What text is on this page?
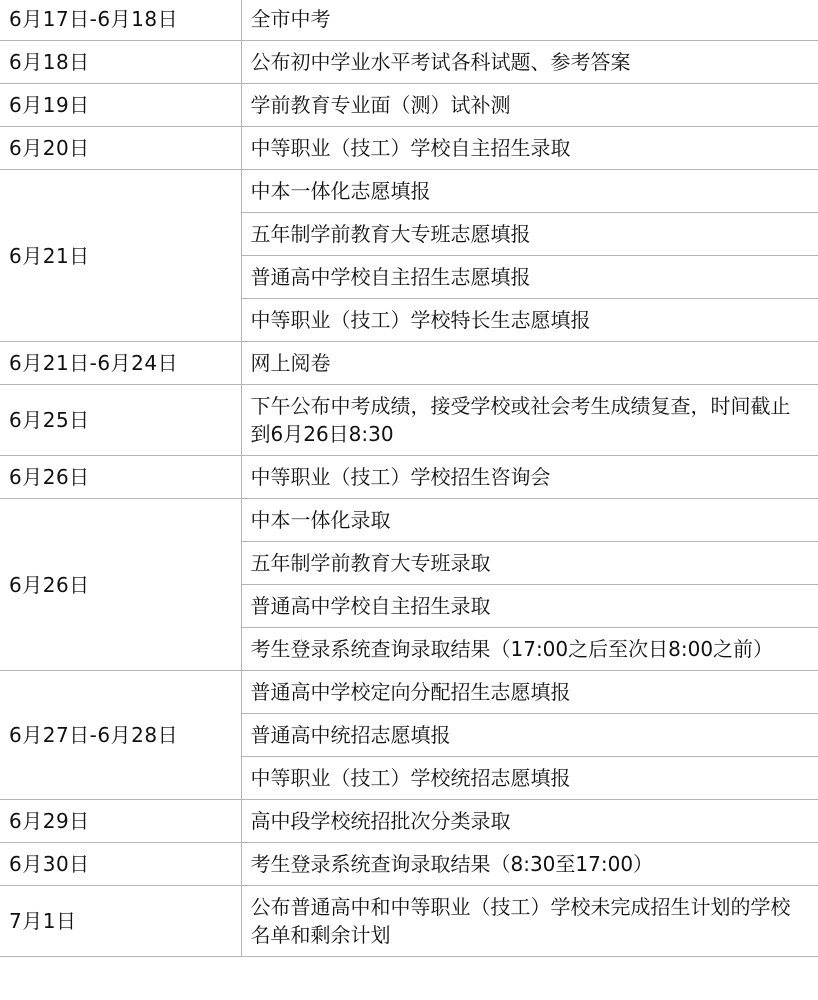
6月17日-6月18日	全市中考
6月18日	公布初中学业水平考试各科试题、参考答案
6月19日	学前教育专业面（测）试补测
6月20日	中等职业（技工）学校自主招生录取
6月21日	中本一体化志愿填报
	五年制学前教育大专班志愿填报
	普通高中学校自主招生志愿填报
	中等职业（技工）学校特长生志愿填报
6月21日-6月24日	网上阅卷
6月25日	下午公布中考成绩，接受学校或社会考生成绩复查，时间截止到6月26日8:30
6月26日	中等职业（技工）学校招生咨询会
6月26日	中本一体化录取
	五年制学前教育大专班录取
	普通高中学校自主招生录取
	考生登录系统查询录取结果（17:00之后至次日8:00之前）
6月27日-6月28日	普通高中学校定向分配招生志愿填报
	普通高中统招志愿填报
	中等职业（技工）学校统招志愿填报
6月29日	高中段学校统招批次分类录取
6月30日	考生登录系统查询录取结果（8:30至17:00）
7月1日	公布普通高中和中等职业（技工）学校未完成招生计划的学校名单和剩余计划
